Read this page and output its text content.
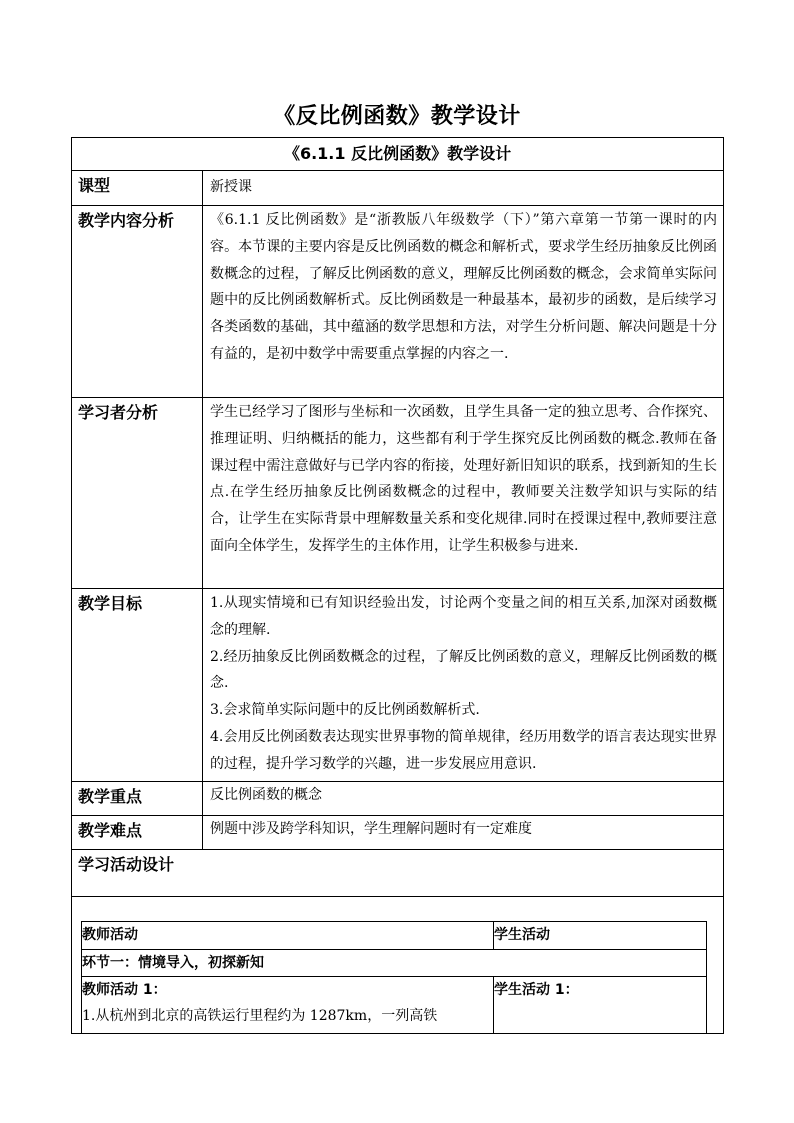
《反比例函数》教学设计
《6.1.1 反比例函数》教学设计
课型	新授课
教学内容分析	《6.1.1 反比例函数》是“浙教版八年级数学（下）”第六章第一节第一课时的内容。本节课的主要内容是反比例函数的概念和解析式，要求学生经历抽象反比例函数概念的过程，了解反比例函数的意义，理解反比例函数的概念，会求简单实际问题中的反比例函数解析式。反比例函数是一种最基本，最初步的函数，是后续学习各类函数的基础，其中蕴涵的数学思想和方法，对学生分析问题、解决问题是十分有益的，是初中数学中需要重点掌握的内容之一.
学习者分析	学生已经学习了图形与坐标和一次函数，且学生具备一定的独立思考、合作探究、推理证明、归纳概括的能力，这些都有利于学生探究反比例函数的概念.教师在备课过程中需注意做好与已学内容的衔接，处理好新旧知识的联系，找到新知的生长点.在学生经历抽象反比例函数概念的过程中，教师要关注数学知识与实际的结合，让学生在实际背景中理解数量关系和变化规律.同时在授课过程中,教师要注意面向全体学生，发挥学生的主体作用，让学生积极参与进来.
教学目标	1.从现实情境和已有知识经验出发，讨论两个变量之间的相互关系,加深对函数概念的理解.

2.经历抽象反比例函数概念的过程，了解反比例函数的意义，理解反比例函数的概念.

3.会求简单实际问题中的反比例函数解析式.

4.会用反比例函数表达现实世界事物的简单规律，经历用数学的语言表达现实世界的过程，提升学习数学的兴趣，进一步发展应用意识.

教学重点	反比例函数的概念
教学难点	例题中涉及跨学科知识，学生理解问题时有一定难度
学习活动设计

教师活动	学生活动
环节一：情境导入，初探新知

教师活动 1：
1.从杭州到北京的高铁运行里程约为 1287km，一列高铁

学生活动 1：
